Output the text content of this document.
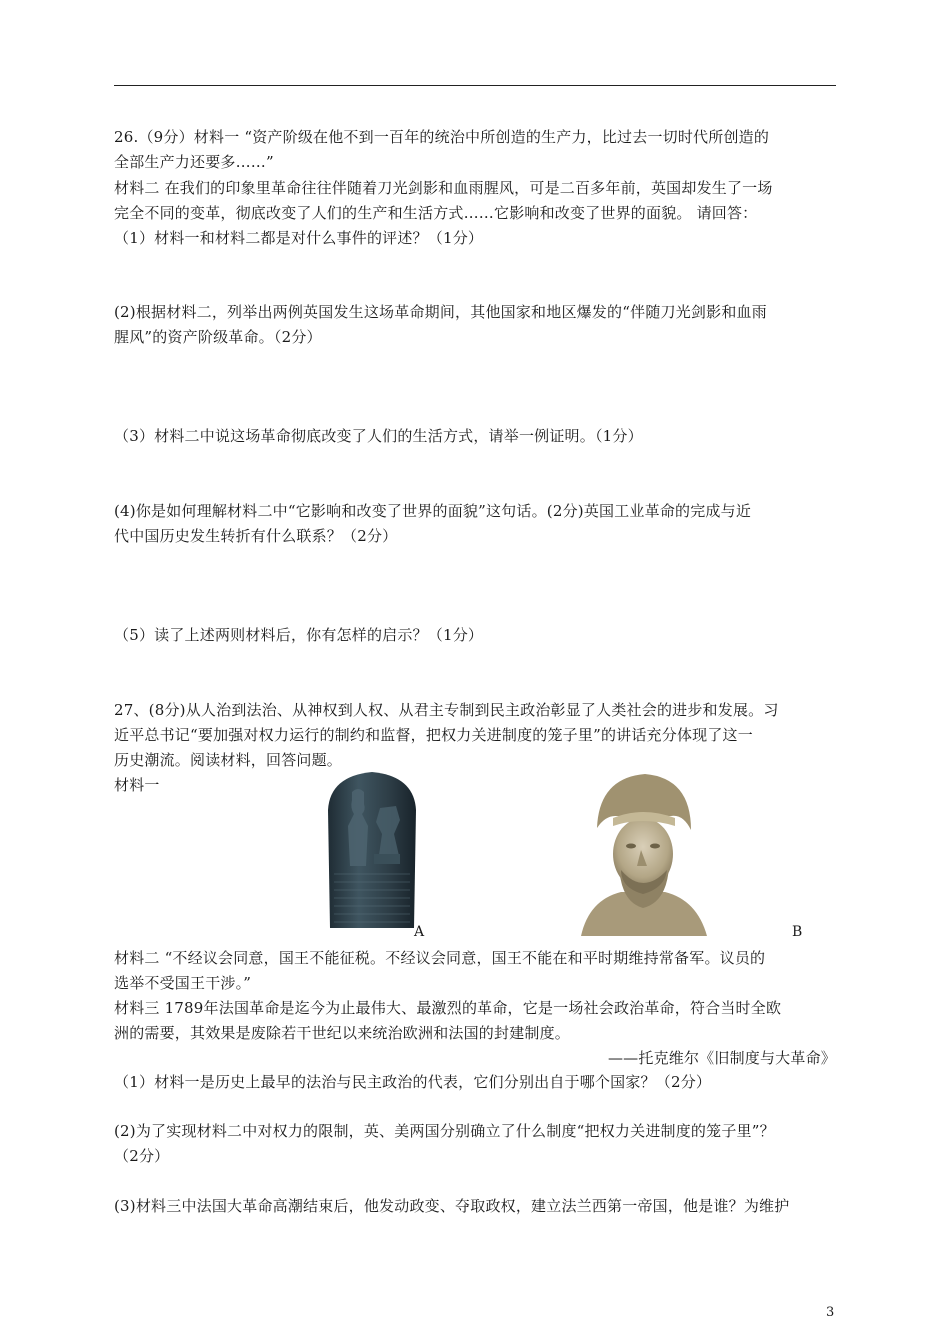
26.（9分）材料一 “资产阶级在他不到一百年的统治中所创造的生产力，比过去一切时代所创造的
全部生产力还要多……”
材料二 在我们的印象里革命往往伴随着刀光剑影和血雨腥风，可是二百多年前，英国却发生了一场
完全不同的变革，彻底改变了人们的生产和生活方式……它影响和改变了世界的面貌。 请回答：
（1）材料一和材料二都是对什么事件的评述？（1分）
(2)根据材料二，列举出两例英国发生这场革命期间，其他国家和地区爆发的“伴随刀光剑影和血雨
腥风”的资产阶级革命。（2分）
（3）材料二中说这场革命彻底改变了人们的生活方式，请举一例证明。（1分）
(4)你是如何理解材料二中“它影响和改变了世界的面貌”这句话。(2分)英国工业革命的完成与近
代中国历史发生转折有什么联系？（2分）
（5）读了上述两则材料后，你有怎样的启示？（1分）
27、(8分)从人治到法治、从神权到人权、从君主专制到民主政治彰显了人类社会的进步和发展。习
近平总书记“要加强对权力运行的制约和监督，把权力关进制度的笼子里”的讲话充分体现了这一
历史潮流。阅读材料，回答问题。
材料一
A	B
材料二 “不经议会同意，国王不能征税。不经议会同意，国王不能在和平时期维持常备军。议员的
选举不受国王干涉。”
材料三 1789年法国革命是迄今为止最伟大、最激烈的革命，它是一场社会政治革命，符合当时全欧
洲的需要，其效果是废除若干世纪以来统治欧洲和法国的封建制度。
——托克维尔《旧制度与大革命》
（1）材料一是历史上最早的法治与民主政治的代表，它们分别出自于哪个国家？（2分）
(2)为了实现材料二中对权力的限制，英、美两国分别确立了什么制度“把权力关进制度的笼子里”？
（2分）
(3)材料三中法国大革命高潮结束后，他发动政变、夺取政权，建立法兰西第一帝国，他是谁？为维护
3
